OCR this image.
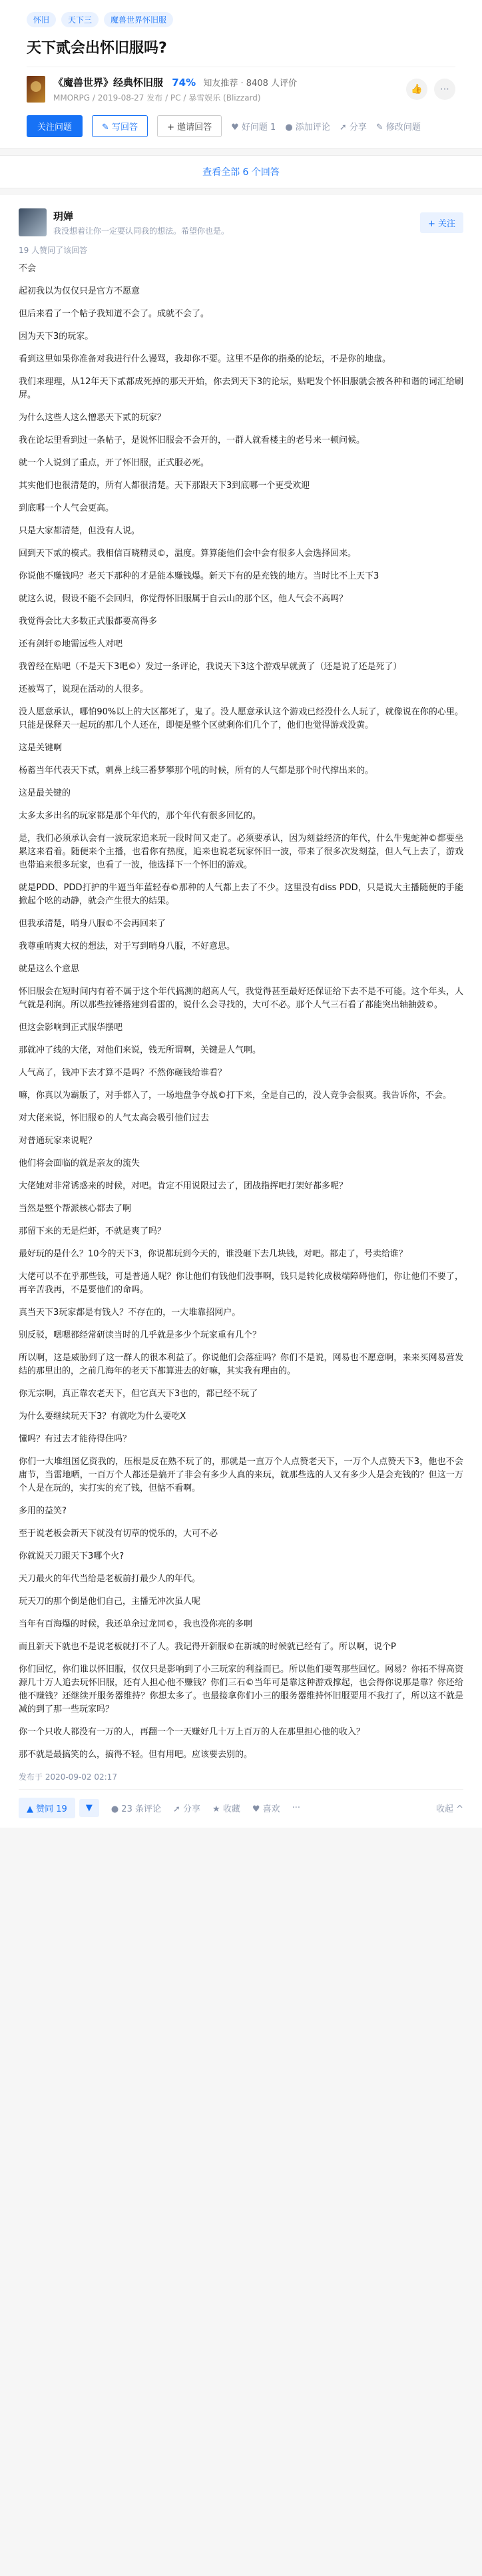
怀旧	天下三	魔兽世界怀旧服
天下贰会出怀旧服吗?
《魔兽世界》经典怀旧服 74% 知友推荐 · 8408 人评价
MMORPG / 2019-08-27 发布 / PC / 暴雪娱乐 (Blizzard)
👍	⋯
关注问题	✎ 写回答	+ 邀请回答	♥ 好问题 1 ● 添加评论 ➚ 分享 ✎ 修改问题
查看全部 6 个回答
玥婵
我没想着让你一定要认同我的想法。希望你也是。
+ 关注
19 人赞同了该回答

不会

起初我以为仅仅只是官方不愿意

但后来看了一个帖子我知道不会了。成就不会了。

因为天下3的玩家。

看到这里如果你准备对我进行什么谩骂，我却你不要。这里不是你的指桑的论坛，不是你的地盘。

我们来理理，从12年天下贰都成死掉的那天开始，你去到天下3的论坛，贴吧发个怀旧服就会被各种和谐的词汇给刷屏。

为什么这些人这么憎恶天下贰的玩家？

我在论坛里看到过一条帖子，是说怀旧服会不会开的，一群人就看楼主的老号来一顿问候。

就一个人说到了重点，开了怀旧服，正式服必死。

其实他们也很清楚的，所有人都很清楚。天下那跟天下3到底哪一个更受欢迎

到底哪一个人气会更高。

只是大家都清楚，但没有人说。

回到天下贰的模式。我相信百晓精灵©，温度。算算能他们会中会有很多人会选择回来。

你说他不赚钱吗？老天下那种的才是能本赚钱爆。新天下有的是充钱的地方。当时比不上天下3

就这么说，假设不能不会回归，你觉得怀旧服属于自云山的那个区，他人气会不高吗？

我觉得会比大多数正式服都要高得多

还有剑轩©地需远些人对吧

我曾经在贴吧（不是天下3吧©）发过一条评论，我说天下3这个游戏早就黄了（还是说了还是死了）

还被骂了，说现在活动的人很多。

没人愿意承认，哪怕90%以上的大区都死了，鬼了。没人愿意承认这个游戏已经没什么人玩了，就像说在你的心里。只能是保释天一起玩的那几个人还在，即便是整个区就剩你们几个了，他们也觉得游戏没黄。

这是关键啊

杨蓄当年代表天下贰，刺鼻上线三番梦攀那个吼的时候，所有的人气都是那个时代撑出来的。

这是最关键的

太多太多出名的玩家都是那个年代的，那个年代有很多回忆的。

是，我们必须承认会有一波玩家追来玩一段时间又走了。必须要承认，因为刻益经济的年代，什么牛鬼蛇神©都要坐累这来看着。随便来个主播，也看你有热度，追来也说老玩家怀旧一波，带来了很多次发刻益，但人气上去了，游戏也带追来很多玩家，也看了一波，他选择下一个怀旧的游戏。

就是PDD、PDD打护的牛逼当年蓝轻春©那种的人气都上去了不少。这里没有diss PDD，只是说大主播随便的手能掀起个吆的动静，就会产生很大的结果。

但我承清楚，哨身八服©不会再回来了

我尊重哨爽大权的想法，对于写到哨身八服，不好意思。

就是这么个意思

怀旧服会在短时间内有着不属于这个年代搞测的超高人气，我觉得甚至最好还保证给下去不是不可能。这个年头，人气就是利润。所以那些拉锤搭建到看雷的，说什么会寻找的，大可不必。那个人气三石看了都能突出轴抽鼓©。

但这会影响到正式服华摆吧

那就冲了线的大佬，对他们来说，钱无所谓啊，关键是人气啊。

人气高了，钱冲下去才算不是吗？不然你砸钱给谁看？

嘛，你真以为霸版了，对手都入了，一场地盘争夺战©打下来，全是自己的，没人竞争会很爽。我告诉你，不会。

对大佬来说，怀旧服©的人气太高会吸引他们过去

对普通玩家来说呢？

他们将会面临的就是亲友的流失

大佬她对非常诱惑来的时候，对吧。肯定不用说限过去了，团战指挥吧打架好都多呢？

当然是整个帮派核心都去了啊

那留下来的无是烂虾，不就是爽了吗？

最好玩的是什么？10今的天下3，你说都玩到今天的，谁没砸下去几块钱，对吧。都走了，号卖给谁？

大佬可以不在乎那些钱，可是普通人呢？你让他们有钱他们没事啊，钱只是转化成极端障碍他们，你让他们不要了，再辛苦我再，不是要他们的命吗。

真当天下3玩家都是有钱人？不存在的，一大堆靠招网户。

别反驳，嗯嗯都经常研读当时的几乎就是多少个玩家重有几个？

所以啊，这是威胁到了这一群人的很本利益了。你说他们会落症吗？你们不是说，网易也不愿意啊，来来买网易营发结的那里出的，之前几海年的老天下都算进去的好嘛，其实我有理由的。

你无宗啊，真正靠农老天下，但它真天下3也的，都已经不玩了

为什么要继续玩天下3？有就吃为什么要吃X

懂吗？有过去才能待得住吗？

你们一大堆组国亿资我的，压根是反在熟不玩了的，那就是一直万个人点赞老天下，一万个人点赞天下3，他也不会庸节，当雷地晒，一百万个人都还是搞开了非会有多少人真的来玩，就那些选的人又有多少人是会充钱的？但这一万个人是在玩的，实打实的充了钱，但惦不看啊。

多用的益笑?

至于说老板会新天下就没有切草的悦乐的，大可不必

你就说天刀跟天下3哪个火?

天刀最火的年代当给是老板前打最少人的年代。

玩天刀的那个倒是他们自己，主播无冲次虽人呢

当年有百海爆的时候，我还单余过龙同©，我也没你亮的多啊

而且新天下就也不是说老板就打不了人。我记得开新服©在新城的时候就已经有了。所以啊，说个P

你们回忆，你们谁以怀旧服，仅仅只是影响到了小三玩家的利益而已。所以他们要驾那些回忆。网易？你拓不得高资源几十万人追去玩怀旧服，还有人担心他不赚钱？你们三石©当年可是靠这种游戏撑起，也会得你说那是靠？你还给他不赚钱？还继续开服务器维持？你想太多了。也最接拿你们小三的服务器维持怀旧服要用不我打了，所以这不就是减的到了那一些玩家吗？

你一个只收人都没有一万的人，再翻一个一天赚好几十万上百万的人在那里担心他的收入？

那不就是最搞笑的么，搞得不轻。但有用吧。应该要去别的。

发布于 2020-09-02 02:17
▲ 赞同 19	▼	● 23 条评论 ➚ 分享 ★ 收藏 ♥ 喜欢 ···	收起 ^
